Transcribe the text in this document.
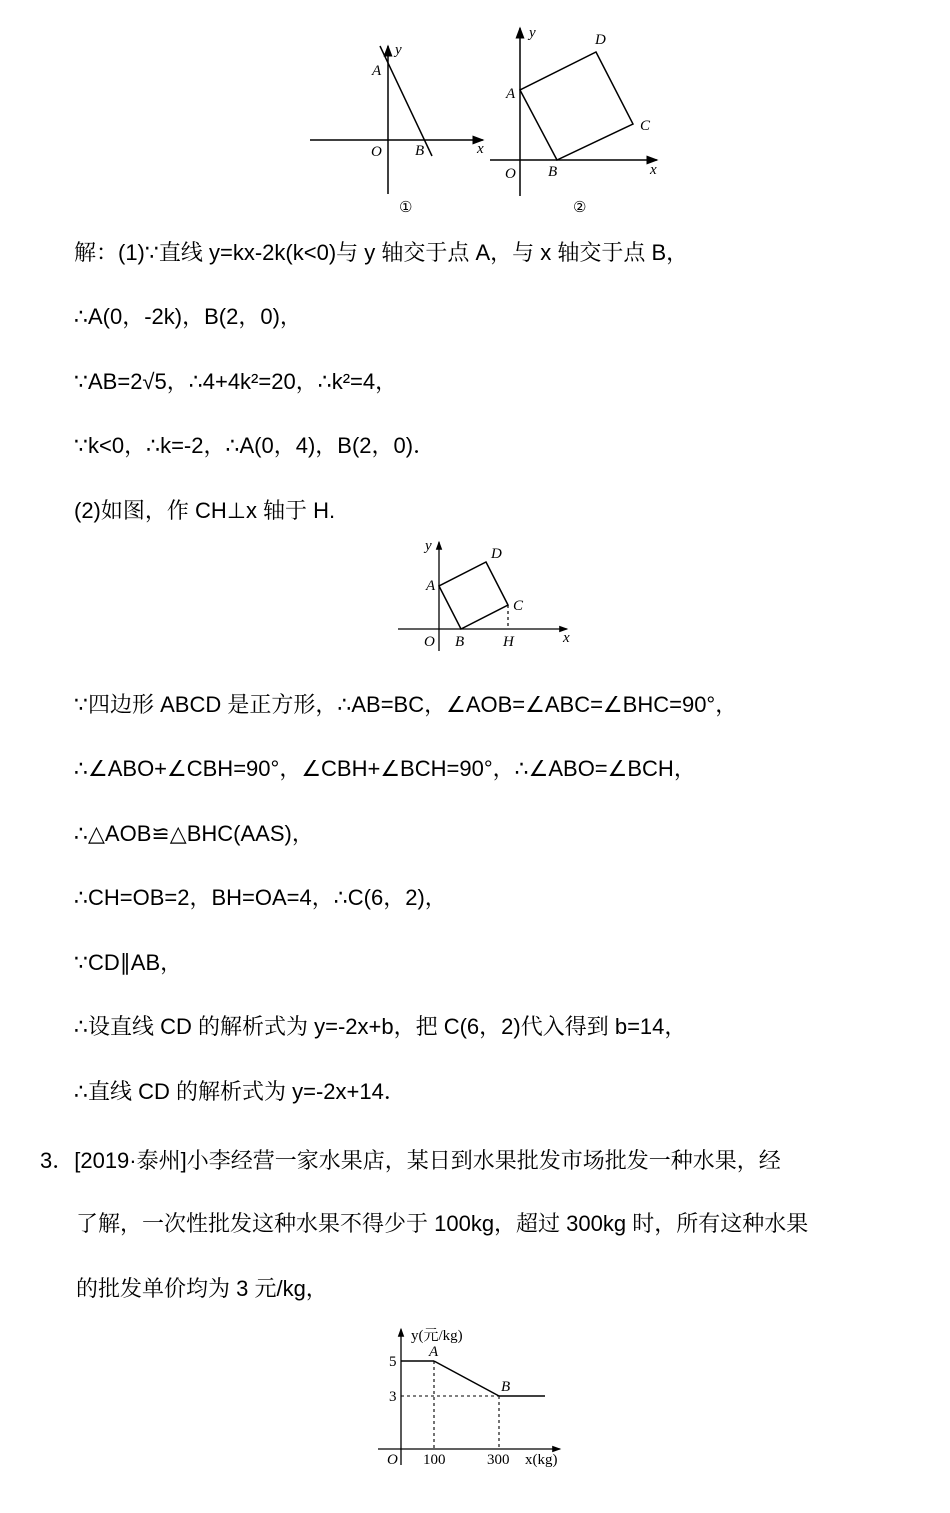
y
x
A
B
O
①
y
x
A
B
C
D
O
②
解：(1)∵直线 y=kx-2k(k<0)与 y 轴交于点 A，与 x 轴交于点 B，
∴A(0，-2k)，B(2，0)，
∵AB=2√5，∴4+4k²=20，∴k²=4，
∵k<0，∴k=-2，∴A(0，4)，B(2，0)．
(2)如图，作 CH⊥x 轴于 H.
y
x
A
B
C
D
H
O
∵四边形 ABCD 是正方形，∴AB=BC，∠AOB=∠ABC=∠BHC=90°，
∴∠ABO+∠CBH=90°，∠CBH+∠BCH=90°，∴∠ABO=∠BCH，
∴△AOB≌△BHC(AAS)，
∴CH=OB=2，BH=OA=4，∴C(6，2)，
∵CD∥AB，
∴设直线 CD 的解析式为 y=-2x+b，把 C(6，2)代入得到 b=14，
∴直线 CD 的解析式为 y=-2x+14．
3．[2019·泰州]小李经营一家水果店，某日到水果批发市场批发一种水果，经
了解，一次性批发这种水果不得少于 100kg，超过 300kg 时，所有这种水果
的批发单价均为 3 元/kg，
y(元/kg)
x(kg)
A
B
O
5
3
100	300
